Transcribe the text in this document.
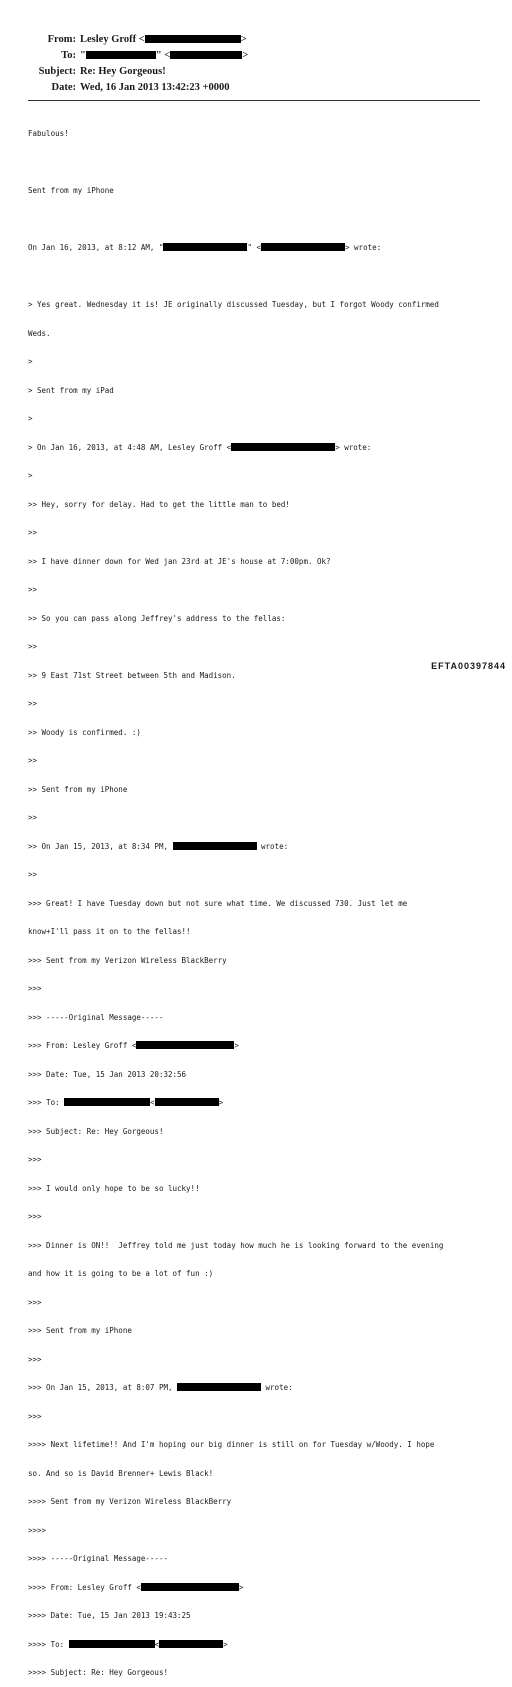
From: Lesley Groff <	>
To: "	" <	>
Subject: Re: Hey Gorgeous!
Date: Wed, 16 Jan 2013 13:42:23 +0000

Fabulous!

Sent from my iPhone

On Jan 16, 2013, at 8:12 AM, "	" <	> wrote:

> Yes great. Wednesday it is! JE originally discussed Tuesday, but I forgot Woody confirmed

Weds.

>

> Sent from my iPad

>

> On Jan 16, 2013, at 4:48 AM, Lesley Groff <	> wrote:

>

>> Hey, sorry for delay. Had to get the little man to bed!

>>

>> I have dinner down for Wed jan 23rd at JE's house at 7:00pm. Ok?

>>

>> So you can pass along Jeffrey's address to the fellas:

>>

>> 9 East 71st Street between 5th and Madison.

>>

>> Woody is confirmed. :)

>>

>> Sent from my iPhone

>>

>> On Jan 15, 2013, at 8:34 PM,	wrote:

>>

>>> Great! I have Tuesday down but not sure what time. We discussed 730. Just let me

know+I'll pass it on to the fellas!!

>>> Sent from my Verizon Wireless BlackBerry

>>>

>>> -----Original Message-----

>>> From: Lesley Groff <	>

>>> Date: Tue, 15 Jan 2013 20:32:56

>>> To:	<	>

>>> Subject: Re: Hey Gorgeous!

>>>

>>> I would only hope to be so lucky!!

>>>

>>> Dinner is ON!!  Jeffrey told me just today how much he is looking forward to the evening

and how it is going to be a lot of fun :)

>>>

>>> Sent from my iPhone

>>>

>>> On Jan 15, 2013, at 8:07 PM,	wrote:

>>>

>>>> Next lifetime!! And I'm hoping our big dinner is still on for Tuesday w/Woody. I hope

so. And so is David Brenner+ Lewis Black!

>>>> Sent from my Verizon Wireless BlackBerry

>>>>

>>>> -----Original Message-----

>>>> From: Lesley Groff <	>

>>>> Date: Tue, 15 Jan 2013 19:43:25

>>>> To:	<	>

>>>> Subject: Re: Hey Gorgeous!

EFTA00397844
